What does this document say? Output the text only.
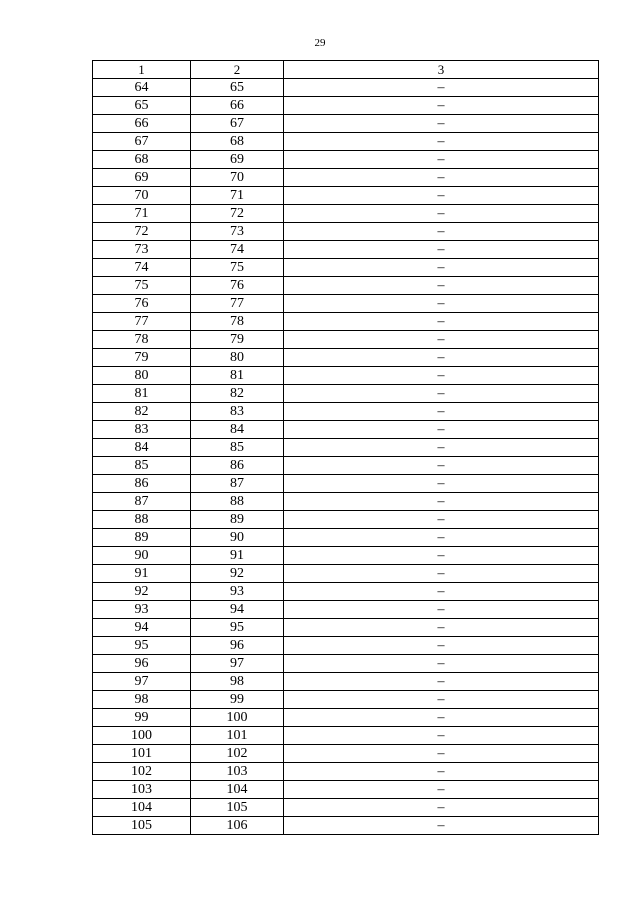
29
1	2	3
64	65	–
65	66	–
66	67	–
67	68	–
68	69	–
69	70	–
70	71	–
71	72	–
72	73	–
73	74	–
74	75	–
75	76	–
76	77	–
77	78	–
78	79	–
79	80	–
80	81	–
81	82	–
82	83	–
83	84	–
84	85	–
85	86	–
86	87	–
87	88	–
88	89	–
89	90	–
90	91	–
91	92	–
92	93	–
93	94	–
94	95	–
95	96	–
96	97	–
97	98	–
98	99	–
99	100	–
100	101	–
101	102	–
102	103	–
103	104	–
104	105	–
105	106	–
